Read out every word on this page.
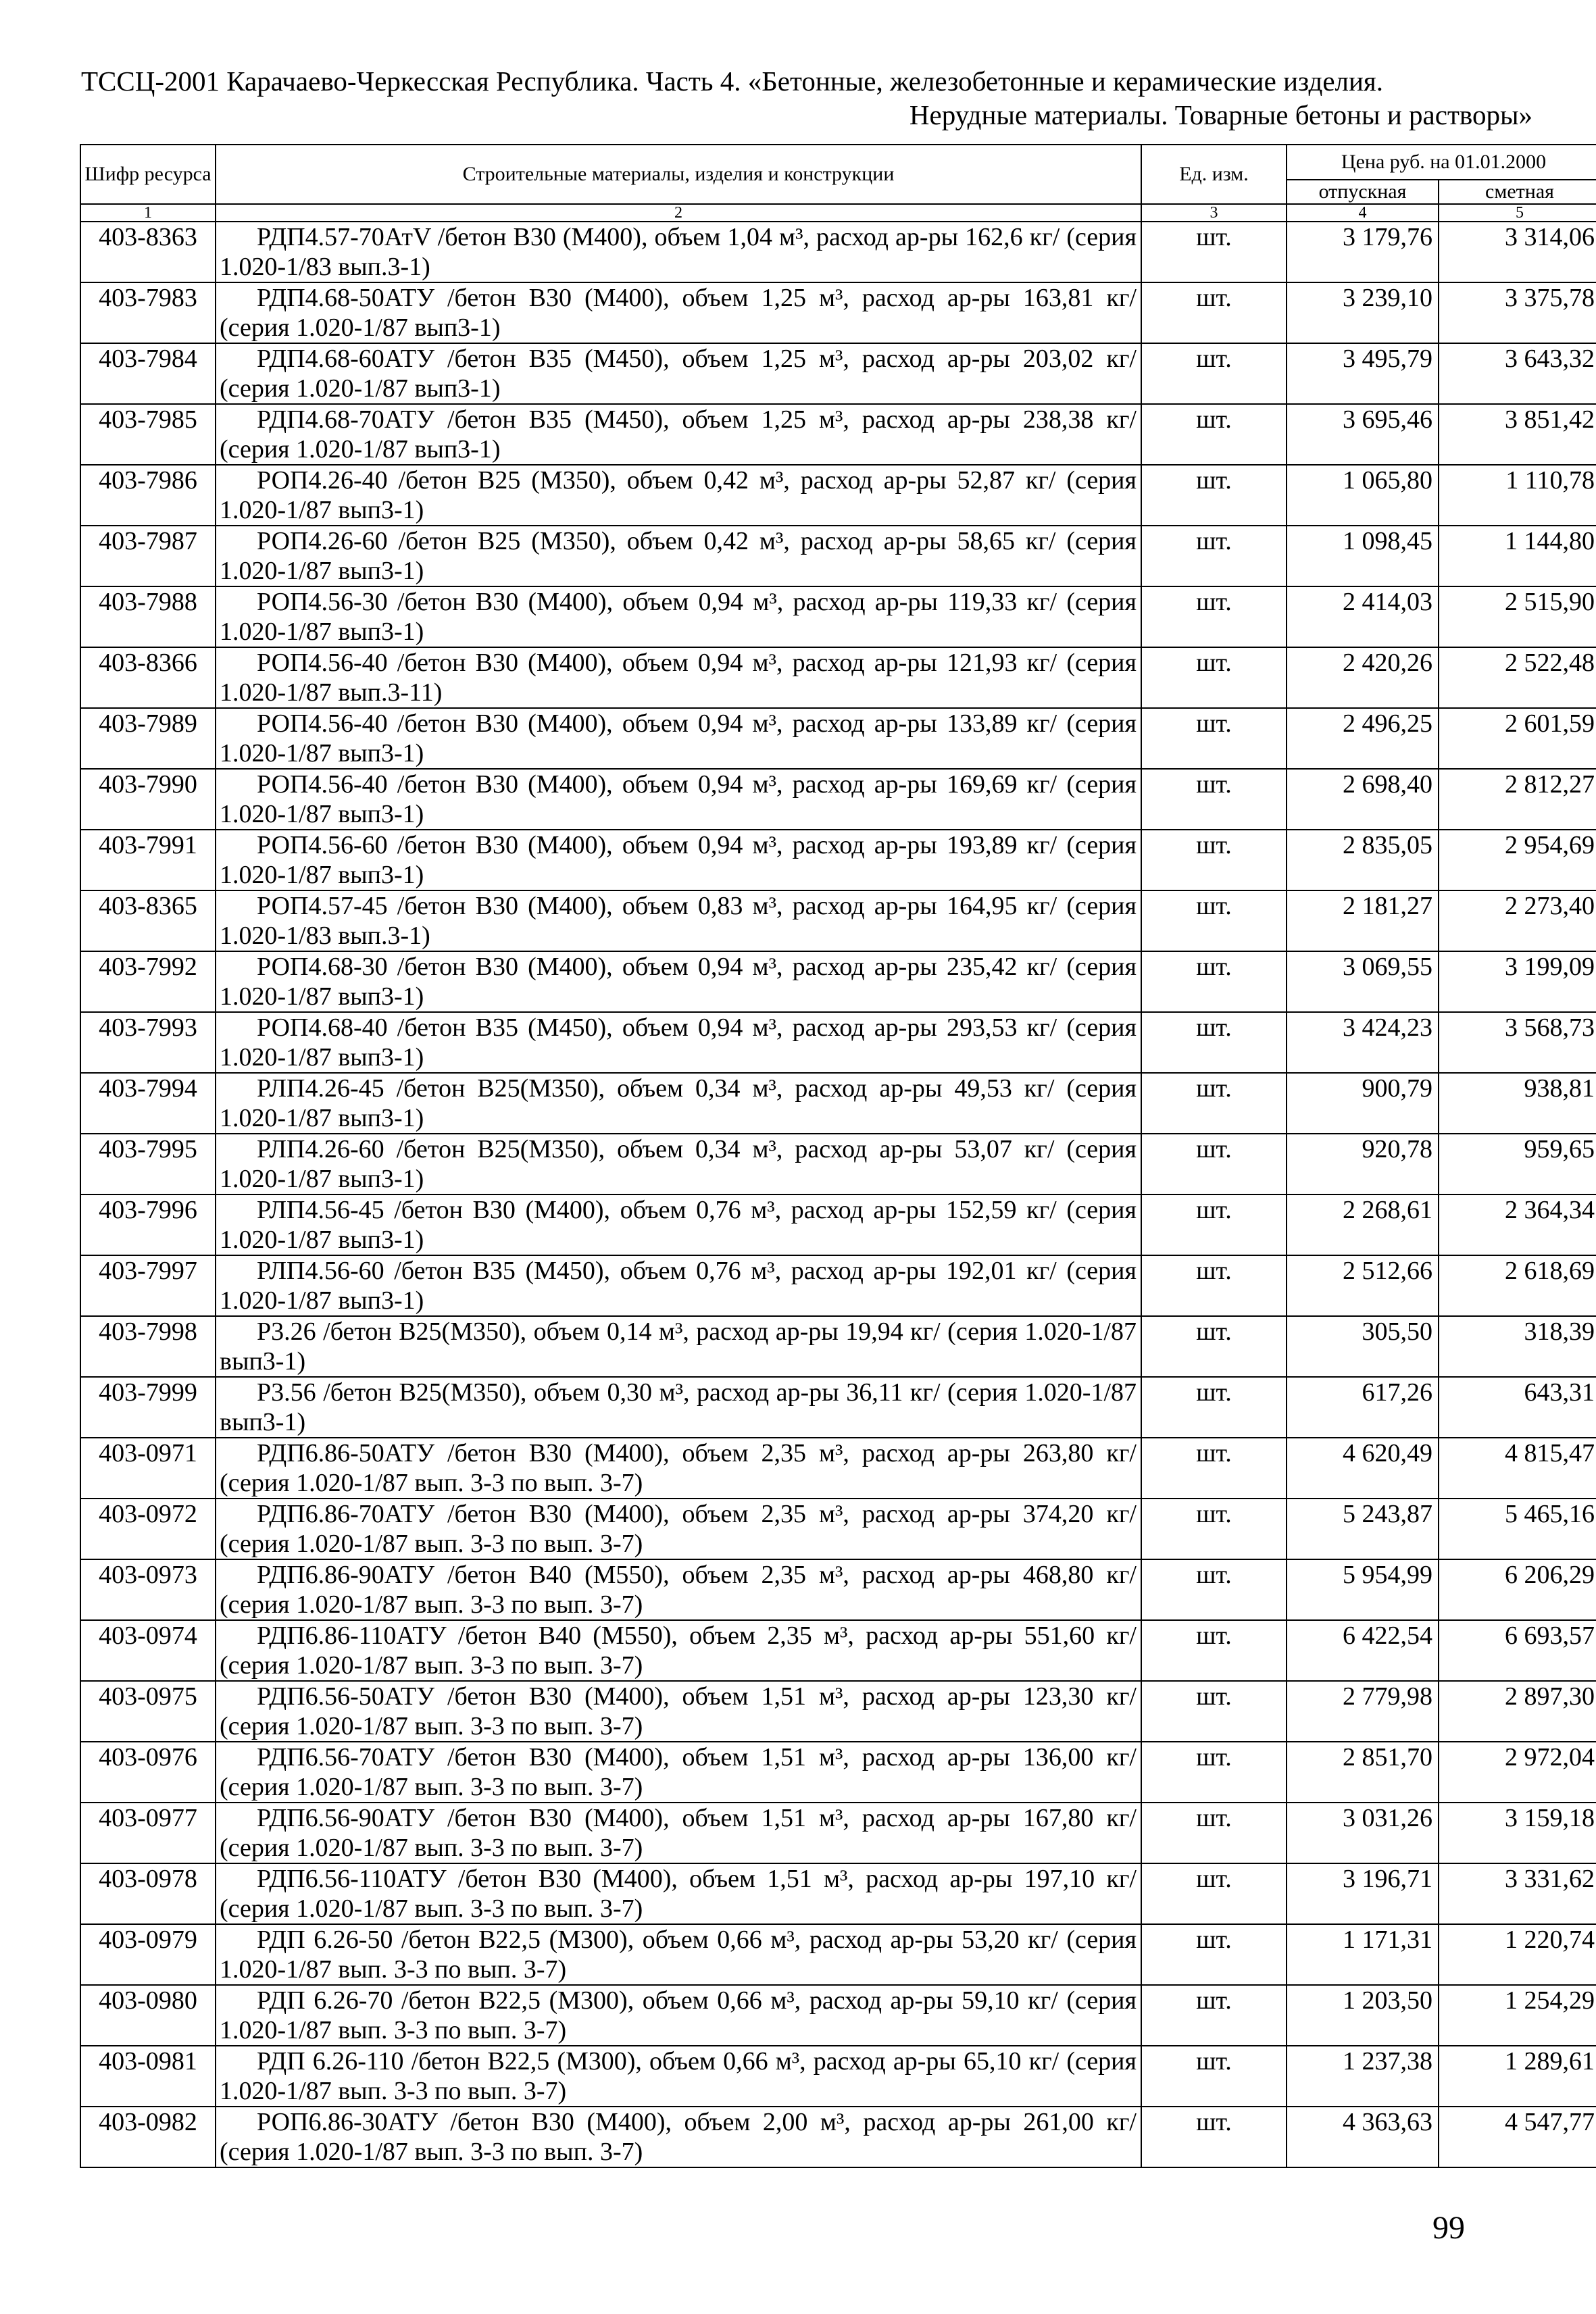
ТССЦ-2001 Карачаево-Черкесская Республика. Часть 4. «Бетонные, железобетонные и керамические изделия.
Нерудные материалы. Товарные бетоны и растворы»
Шифр ресурса	Строительные материалы, изделия и конструкции	Ед. изм.	Цена руб. на 01.01.2000	
			отпускная	сметная
1	2	3	4	5
403-8363	РДП4.57-70АтV /бетон В30 (М400), объем 1,04 м³, расход ар-ры 162,6 кг/ (серия 1.020-1/83 вып.3-1)	шт.	3 179,76	3 314,06
403-7983	РДП4.68-50АТУ /бетон В30 (М400), объем 1,25 м³, расход ар-ры 163,81 кг/ (серия 1.020-1/87 вып3-1)	шт.	3 239,10	3 375,78
403-7984	РДП4.68-60АТУ /бетон В35 (М450), объем 1,25 м³, расход ар-ры 203,02 кг/ (серия 1.020-1/87 вып3-1)	шт.	3 495,79	3 643,32
403-7985	РДП4.68-70АТУ /бетон В35 (М450), объем 1,25 м³, расход ар-ры 238,38 кг/ (серия 1.020-1/87 вып3-1)	шт.	3 695,46	3 851,42
403-7986	РОП4.26-40 /бетон В25 (М350), объем 0,42 м³, расход ар-ры 52,87 кг/ (серия 1.020-1/87 вып3-1)	шт.	1 065,80	1 110,78
403-7987	РОП4.26-60 /бетон В25 (М350), объем 0,42 м³, расход ар-ры 58,65 кг/ (серия 1.020-1/87 вып3-1)	шт.	1 098,45	1 144,80
403-7988	РОП4.56-30 /бетон В30 (М400), объем 0,94 м³, расход ар-ры 119,33 кг/ (серия 1.020-1/87 вып3-1)	шт.	2 414,03	2 515,90
403-8366	РОП4.56-40 /бетон В30 (М400), объем 0,94 м³, расход ар-ры 121,93 кг/ (серия 1.020-1/87 вып.3-11)	шт.	2 420,26	2 522,48
403-7989	РОП4.56-40 /бетон В30 (М400), объем 0,94 м³, расход ар-ры 133,89 кг/ (серия 1.020-1/87 вып3-1)	шт.	2 496,25	2 601,59
403-7990	РОП4.56-40 /бетон В30 (М400), объем 0,94 м³, расход ар-ры 169,69 кг/ (серия 1.020-1/87 вып3-1)	шт.	2 698,40	2 812,27
403-7991	РОП4.56-60 /бетон В30 (М400), объем 0,94 м³, расход ар-ры 193,89 кг/ (серия 1.020-1/87 вып3-1)	шт.	2 835,05	2 954,69
403-8365	РОП4.57-45 /бетон В30 (М400), объем 0,83 м³, расход ар-ры 164,95 кг/ (серия 1.020-1/83 вып.3-1)	шт.	2 181,27	2 273,40
403-7992	РОП4.68-30 /бетон В30 (М400), объем 0,94 м³, расход ар-ры 235,42 кг/ (серия 1.020-1/87 вып3-1)	шт.	3 069,55	3 199,09
403-7993	РОП4.68-40 /бетон В35 (М450), объем 0,94 м³, расход ар-ры 293,53 кг/ (серия 1.020-1/87 вып3-1)	шт.	3 424,23	3 568,73
403-7994	РЛП4.26-45 /бетон В25(М350), объем 0,34 м³, расход ар-ры 49,53 кг/ (серия 1.020-1/87 вып3-1)	шт.	900,79	938,81
403-7995	РЛП4.26-60 /бетон В25(М350), объем 0,34 м³, расход ар-ры 53,07 кг/ (серия 1.020-1/87 вып3-1)	шт.	920,78	959,65
403-7996	РЛП4.56-45 /бетон В30 (М400), объем 0,76 м³, расход ар-ры 152,59 кг/ (серия 1.020-1/87 вып3-1)	шт.	2 268,61	2 364,34
403-7997	РЛП4.56-60 /бетон В35 (М450), объем 0,76 м³, расход ар-ры 192,01 кг/ (серия 1.020-1/87 вып3-1)	шт.	2 512,66	2 618,69
403-7998	Р3.26 /бетон В25(М350), объем 0,14 м³, расход ар-ры 19,94 кг/ (серия 1.020-1/87 вып3-1)	шт.	305,50	318,39
403-7999	Р3.56 /бетон В25(М350), объем 0,30 м³, расход ар-ры 36,11 кг/ (серия 1.020-1/87 вып3-1)	шт.	617,26	643,31
403-0971	РДП6.86-50АТУ /бетон В30 (М400), объем 2,35 м³, расход ар-ры 263,80 кг/ (серия 1.020-1/87 вып. 3-3 по вып. 3-7)	шт.	4 620,49	4 815,47
403-0972	РДП6.86-70АТУ /бетон В30 (М400), объем 2,35 м³, расход ар-ры 374,20 кг/ (серия 1.020-1/87 вып. 3-3 по вып. 3-7)	шт.	5 243,87	5 465,16
403-0973	РДП6.86-90АТУ /бетон В40 (М550), объем 2,35 м³, расход ар-ры 468,80 кг/ (серия 1.020-1/87 вып. 3-3 по вып. 3-7)	шт.	5 954,99	6 206,29
403-0974	РДП6.86-110АТУ /бетон В40 (М550), объем 2,35 м³, расход ар-ры 551,60 кг/ (серия 1.020-1/87 вып. 3-3 по вып. 3-7)	шт.	6 422,54	6 693,57
403-0975	РДП6.56-50АТУ /бетон В30 (М400), объем 1,51 м³, расход ар-ры 123,30 кг/ (серия 1.020-1/87 вып. 3-3 по вып. 3-7)	шт.	2 779,98	2 897,30
403-0976	РДП6.56-70АТУ /бетон В30 (М400), объем 1,51 м³, расход ар-ры 136,00 кг/ (серия 1.020-1/87 вып. 3-3 по вып. 3-7)	шт.	2 851,70	2 972,04
403-0977	РДП6.56-90АТУ /бетон В30 (М400), объем 1,51 м³, расход ар-ры 167,80 кг/ (серия 1.020-1/87 вып. 3-3 по вып. 3-7)	шт.	3 031,26	3 159,18
403-0978	РДП6.56-110АТУ /бетон В30 (М400), объем 1,51 м³, расход ар-ры 197,10 кг/ (серия 1.020-1/87 вып. 3-3 по вып. 3-7)	шт.	3 196,71	3 331,62
403-0979	РДП 6.26-50 /бетон В22,5 (М300), объем 0,66 м³, расход ар-ры 53,20 кг/ (серия 1.020-1/87 вып. 3-3 по вып. 3-7)	шт.	1 171,31	1 220,74
403-0980	РДП 6.26-70 /бетон В22,5 (М300), объем 0,66 м³, расход ар-ры 59,10 кг/ (серия 1.020-1/87 вып. 3-3 по вып. 3-7)	шт.	1 203,50	1 254,29
403-0981	РДП 6.26-110 /бетон В22,5 (М300), объем 0,66 м³, расход ар-ры 65,10 кг/ (серия 1.020-1/87 вып. 3-3 по вып. 3-7)	шт.	1 237,38	1 289,61
403-0982	РОП6.86-30АТУ /бетон В30 (М400), объем 2,00 м³, расход ар-ры 261,00 кг/ (серия 1.020-1/87 вып. 3-3 по вып. 3-7)	шт.	4 363,63	4 547,77
99
